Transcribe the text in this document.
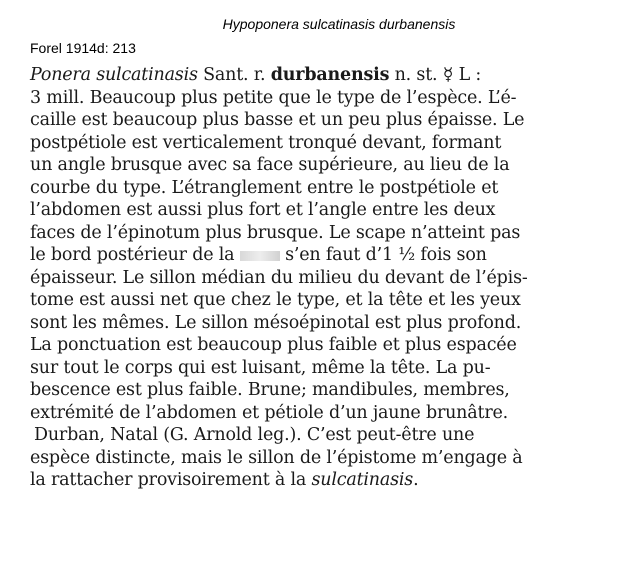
Hypoponera sulcatinasis durbanensis
Forel 1914d: 213
Ponera sulcatinasis Sant. r. durbanensis n. st. ☿ L :
3 mill. Beaucoup plus petite que le type de l’espèce. L’é-
caille est beaucoup plus basse et un peu plus épaisse. Le
postpétiole est verticalement tronqué devant, formant
un angle brusque avec sa face supérieure, au lieu de la
courbe du type. L’étranglement entre le postpétiole et
l’abdomen est aussi plus fort et l’angle entre les deux
faces de l’épinotum plus brusque. Le scape n’atteint pas
le bord postérieur de la  s’en faut d’1 ½ fois son
épaisseur. Le sillon médian du milieu du devant de l’épis-
tome est aussi net que chez le type, et la tête et les yeux
sont les mêmes. Le sillon mésoépinotal est plus profond.
La ponctuation est beaucoup plus faible et plus espacée
sur tout le corps qui est luisant, même la tête. La pu-
bescence est plus faible. Brune; mandibules, membres,
extrémité de l’abdomen et pétiole d’un jaune brunâtre.
Durban, Natal (G. Arnold leg.). C’est peut-être une
espèce distincte, mais le sillon de l’épistome m’engage à
la rattacher provisoirement à la sulcatinasis.
